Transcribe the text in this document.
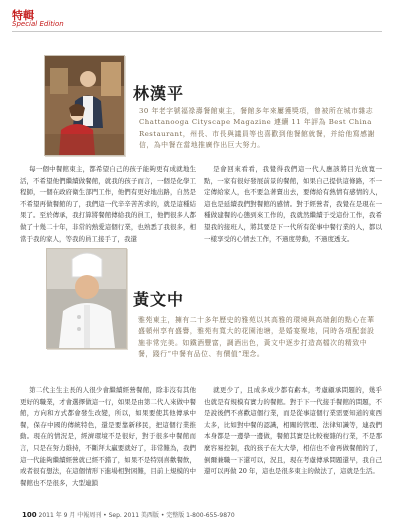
特輯
Special Edition
林漢平
30 年老字號福祿壽餐館東主，餐館多年來屢獲獎項，曾被所在城市雜志 Chattanooga Cityscape Magazine 連續 11 年評為 Best China Restaurant，州長、市長與議員等也喜歡到他餐館就餐，并給他寫感謝信，為中餐在當地推廣作出巨大努力。

每一個中餐館東主，都希望自己的孩子能夠更有成就地生活，不希望他們繼續做餐館，就我的孩子而言，一個是化學工程師，一個在政府衛生部門工作，他們有更好地出路，自然是不希望再做餐館的了，我們這一代辛辛苦苦求的，就是這種結果了。至於傳承，我打算將餐館傳給我的員工，他們很多人都做了十幾二十年，非常的熱愛這個行業，也熟悉了我很多，相當于我的家人，等我的員工接手了，我還

是會回來看看，我覺得我們這一代人應該將目光放寬一點，一家有很好發展前景的餐館，如果自己提供這條路，不一定傳給家人，也不要急著賣出去，要傳給有熱情有感情的人，這也是延續我們對餐館的感情。對于經營者，我覺在是現在一種做建餐的心態到來工作的，我就然繼續于受這份工作，我希望我的接班人，將其要是下一代所有從事中餐行業的人，都以一樣享受的心情去工作，不過度勞動，不過度透支。

黃文中
雅苑東主，擁有二十多年歷史的雅苑以其高雅的環境與高端創的點心在華盛頓州享有盛譽，雅苑有寬大的花園池塘，是婚宴聚地，同時各項配套設施非常完美。如鐵酒豐富，調酒出色，黃文中逐步打造高檔次的精致中餐，踐行“中餐有品位、有價值”理念。

第二代主生主長的人很少會繼續經營餐館，除非沒有其他更好的職業，才會選擇做這一行，如果是由第二代人來做中餐館，方向和方式都會發生改變，所以，如果要使其他傳承中餐，保存中國的傳統特色，還是要靠新移民，把這個行業推動。現在的情況是，經濟環境不是很好，對于很多中餐館而言，只是在努力維持，不斷拜太贏要就好了，非常難為，我們這一代能夠繼續經營就已經不錯了，如果不是特別喜歡餐飲，或者很有想法，在這個情形下進場相對困難，目前上規模的中餐館也不是很多，大型連鎖

就更少了，且成多成少都有虧本，考慮顧承問題的，幾乎也就是有規模有實力的餐館。對于下一代接手餐館的問題，不是說後們不喜歡這個行業，而是從事這個行業需要知道的東西太多，比如對中餐的認識，相關的管理、法律知識等，連我們本身都是一邊學一邊做，餐館其實是比較複雜的行業，不是那麼容易控制，我的孩子在大大學，相信也不會再做餐館的了，倒爾兼職一下還可以，況且，現在考慮傳承問題還早，我自己還可以再做 20 年，這也是很多東主的做法了，這就是生活。

100 2011 年 9 月 中報周刊 • Sep. 2011 美西版 • 完整版 1-800-655-9870
